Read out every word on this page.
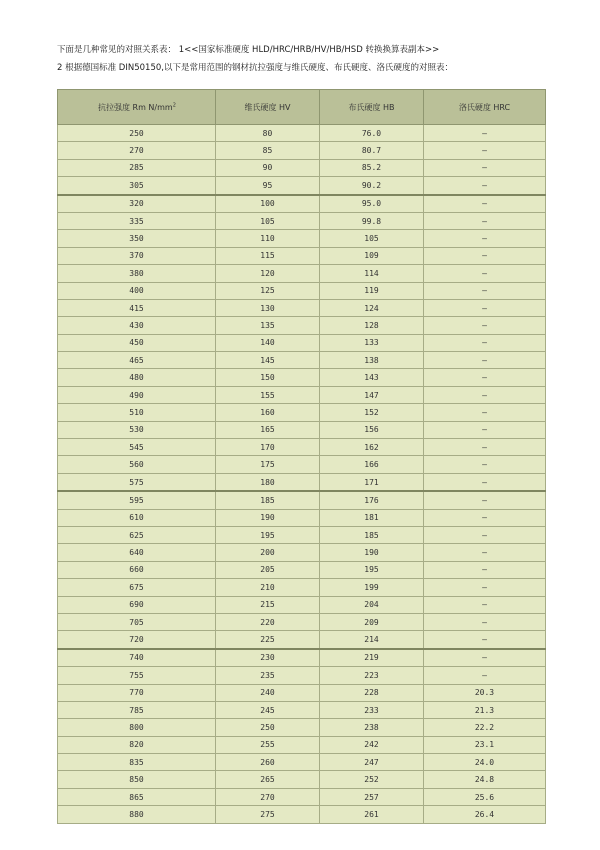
下面是几种常见的对照关系表： 1<<国家标准硬度 HLD/HRC/HRB/HV/HB/HSD 转换换算表副本>>
2 根据德国标准 DIN50150,以下是常用范围的钢材抗拉强度与维氏硬度、布氏硬度、洛氏硬度的对照表：
抗拉强度 Rm $N/mm^2$	维氏硬度 HV	布氏硬度 HB	洛氏硬度 HRC
250	80	76.0	–
270	85	80.7	–
285	90	85.2	–
305	95	90.2	–
320	100	95.0	–
335	105	99.8	–
350	110	105	–
370	115	109	–
380	120	114	–
400	125	119	–
415	130	124	–
430	135	128	–
450	140	133	–
465	145	138	–
480	150	143	–
490	155	147	–
510	160	152	–
530	165	156	–
545	170	162	–
560	175	166	–
575	180	171	–
595	185	176	–
610	190	181	–
625	195	185	–
640	200	190	–
660	205	195	–
675	210	199	–
690	215	204	–
705	220	209	–
720	225	214	–
740	230	219	–
755	235	223	–
770	240	228	20.3
785	245	233	21.3
800	250	238	22.2
820	255	242	23.1
835	260	247	24.0
850	265	252	24.8
865	270	257	25.6
880	275	261	26.4
